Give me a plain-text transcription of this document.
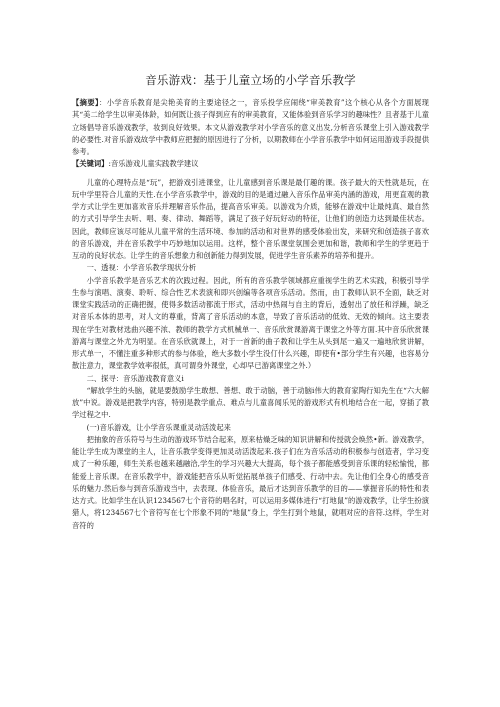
音乐游戏：基于儿童立场的小学音乐教学

【摘要】：小学音乐教育是尖艳美育的主要途径之一，音乐投学应闹绕“审美教育”这个核心从各个方面展现其“美二给学生以审美体龄，如何既让孩子得到应有的审美教育，又能体验到音乐学习的趣味性？且者基于儿童立场倡导音乐游戏教学，妆到良好效果。本文从游戏教学对小学音乐的意义出发,分析音乐课堂上引入游戏教学的必要性.对音乐游戏故学中教师应把握的原因进行了分析，以期教师在小学音乐教学中如何运用游戏手段提供参考。

【关键词】:音乐游戏儿童实践教学建议

儿童的心理特点是“玩”，把游戏引进课堂，让儿童感到音乐课是最仃趣的课。孩子最大的天性就是玩，在玩中学里符合儿童的天性.在小学音乐教学中，游戏的目的是通过融入音乐作品审美内涵的游戏，用更直观的教学方式让学生更加喜欢音乐并理解音乐作品，提高音乐审美。以游戏为介质，能够在游戏中让最纯真、最自然的方式引导学生去听、唱、奏、律动、舞蹈等，满足了孩子好玩好动的特征，让他们的创造力达到最佳状态。因此，教师应该尽可能从儿童平常的生活环境、参加的活动和对世界的感受体验出发，来研究和创造孩子喜欢的音乐游戏，并在音乐教学中巧妙地加以运用。这样，整个音乐课堂氛围会更加和谐，教师和学生的学更趋于互动的良好状态。让学生的音乐想象力和创新能力得到发展，促进学生音乐素养的培养和提升。

一、透视：小学音乐教学现状分析

小学音乐教学是音乐艺术的次践过程。因此，所有的音乐教学领域都应重视学生的艺术实践，积极引导学生参与演唱、演奏、聆听、综合性艺术表演和即兴创编等各项音乐活动。然而，由丁教师认识不全面，缺乏对课堂实践活动的正确把握，使得多数活动都流于形式，活动中热闹与自主的背后，透射出了放任和浮躁，缺乏对音乐本体的思考，对人文的尊重，背离了音乐活动的本意，导致了音乐活动的低效、无效的倾向。这主要表现在学生对教材选曲兴趣不浓、教师的教学方式机械单一、音乐欣赏课游离于课堂之外等方面.其中音乐欣赏课游离与课堂之外尤为明显。在音乐欣就课上，对于一首新的曲子教和让学生从头到尾一遍又一遍地欣赏讲解，形式单一，不懂注重多种形式的参与体验，绝大多数小学生没仃什么兴趣，即使有•部分学生有兴趣，也容易分散注意力，课堂教学效率很低，真可谓身外课堂，心却早已游离课堂之外.）

二、探寻：音乐游戏教育意义i

“解放学生的头脑，就是要鼓励学生敢想、善想、敢于动脑，善于动脑i伟大的教育家陶行知先生在“六大解放”中说。游戏是把教学内容，特别是教学重点、难点与儿童喜闻乐见的游戏形式有机地结合在一起，穿插了教学过程之中.

(一)音乐游戏，让小学音乐课重灵动活泼起来

把抽象的音乐符号与生动的游戏环节结合起来，原来枯燥乏味的知识讲解和传授就会焕然•新。游戏教学，能让学生成为课堂的主人，让音乐教学变得更加灵动活泼起来.孩子们在为音乐活动的积极参与创造者，学习变成了一种乐趣，师生关系也越来越融洽,学生的学习兴趣大大提高，每个孩子都能感受到音乐课的轻松愉悦，都能爱上音乐课。在音乐教学中，游戏能把音乐从听觉拓展单孩子们感受、行动中去。先让他们全身心的感受音乐的魅力.然后参与到音乐游戏当中，去表现、体验音乐，最后才达到音乐教学的目的——掌握音乐的特性和表达方式。比如学生在认识1234567七个音符的唱名时，可以运用多媒体进行“打地鼠”的游戏教学，让学生扮演猎人，将1234567七个音符写在七个形象不同的“地鼠”身上，学生打到个地鼠，就唱对应的音符.这样，学生对音符的
